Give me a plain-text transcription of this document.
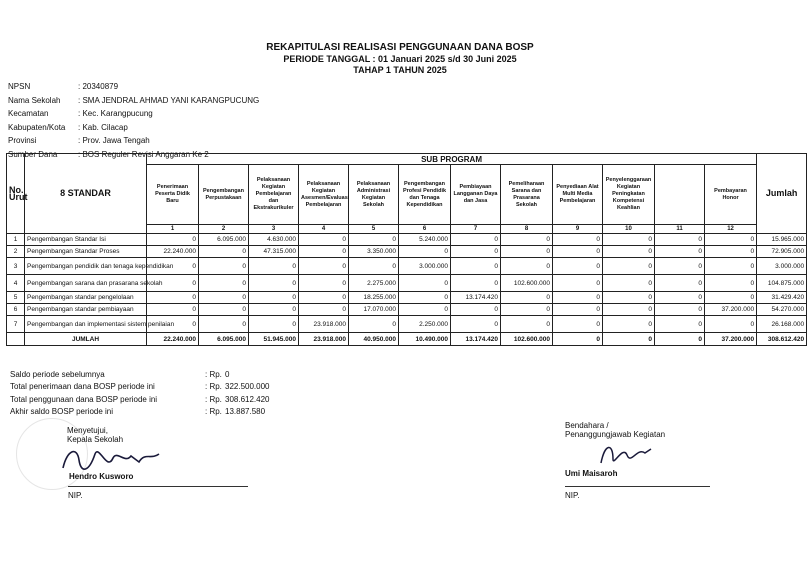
REKAPITULASI REALISASI PENGGUNAAN DANA BOSP
PERIODE TANGGAL : 01 Januari 2025 s/d 30 Juni 2025
TAHAP 1 TAHUN 2025
NPSN	: 20340879
Nama Sekolah	: SMA JENDRAL AHMAD YANI KARANGPUCUNG
Kecamatan	: Kec. Karangpucung
Kabupaten/Kota	: Kab. Cilacap
Provinsi	: Prov. Jawa Tengah
Sumber Dana	: BOS Reguler Revisi Anggaran Ke 2
No. Urut	8 STANDAR	SUB PROGRAM												Jumlah
		Penerimaan Peserta Didik Baru	Pengembangan Perpustakaan	Pelaksanaan Kegiatan Pembelajaran dan Ekstrakurikuler	Pelaksanaan Kegiatan Asesmen/Evaluasi Pembelajaran	Pelaksanaan Administrasi Kegiatan Sekolah	Pengembangan Profesi Pendidik dan Tenaga Kependidikan	Pembiayaan Langganan Daya dan Jasa	Pemeliharaan Sarana dan Prasarana Sekolah	Penyediaan Alat Multi Media Pembelajaran	Penyelenggaraan Kegiatan Peningkatan Kompetensi Keahlian		Pembayaran Honor	
		1	2	3	4	5	6	7	8	9	10	11	12	
1	Pengembangan Standar Isi	0	6.095.000	4.630.000	0	0	5.240.000	0	0	0	0	0	0	15.965.000
2	Pengembangan Standar Proses	22.240.000	0	47.315.000	0	3.350.000	0	0	0	0	0	0	0	72.905.000
3	Pengembangan pendidik dan tenaga kependidikan	0	0	0	0	0	3.000.000	0	0	0	0	0	0	3.000.000
4	Pengembangan sarana dan prasarana sekolah	0	0	0	0	2.275.000	0	0	102.600.000	0	0	0	0	104.875.000
5	Pengembangan standar pengelolaan	0	0	0	0	18.255.000	0	13.174.420	0	0	0	0	0	31.429.420
6	Pengembangan standar pembiayaan	0	0	0	0	17.070.000	0	0	0	0	0	0	37.200.000	54.270.000
7	Pengembangan dan implementasi sistem penilaian	0	0	0	23.918.000	0	2.250.000	0	0	0	0	0	0	26.168.000
	JUMLAH	22.240.000	6.095.000	51.945.000	23.918.000	40.950.000	10.490.000	13.174.420	102.600.000	0	0	0	37.200.000	308.612.420
Saldo periode sebelumnya	: Rp. 0
Total penerimaan dana BOSP periode ini	: Rp. 322.500.000
Total penggunaan dana BOSP periode ini	: Rp. 308.612.420
Akhir saldo BOSP periode ini	: Rp. 13.887.580
Menyetujui,
Kepala Sekolah
Hendro Kusworo
NIP.
Bendahara /
Penanggungjawab Kegiatan
Umi Maisaroh
NIP.
